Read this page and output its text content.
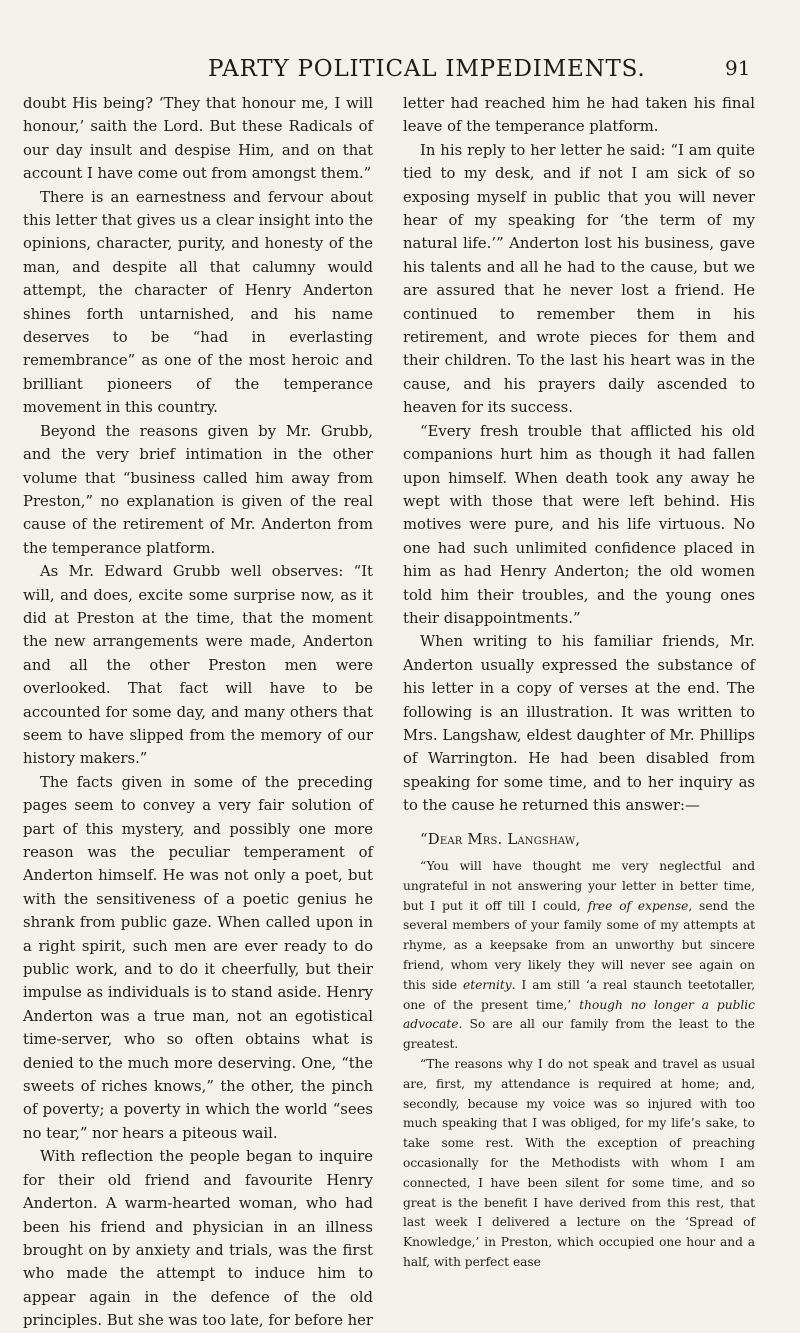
PARTY POLITICAL IMPEDIMENTS.	91

doubt His being? ‘They that honour me, I will honour,’ saith the Lord. But these Radicals of our day insult and despise Him, and on that account I have come out from amongst them.”

There is an earnestness and fervour about this letter that gives us a clear insight into the opinions, character, purity, and honesty of the man, and despite all that calumny would attempt, the character of Henry Anderton shines forth untarnished, and his name deserves to be “had in everlasting remembrance” as one of the most heroic and brilliant pioneers of the temperance movement in this country.

Beyond the reasons given by Mr. Grubb, and the very brief intimation in the other volume that “business called him away from Preston,” no explanation is given of the real cause of the retirement of Mr. Anderton from the temperance platform.

As Mr. Edward Grubb well observes: “It will, and does, excite some surprise now, as it did at Preston at the time, that the moment the new arrangements were made, Anderton and all the other Preston men were overlooked. That fact will have to be accounted for some day, and many others that seem to have slipped from the memory of our history makers.”

The facts given in some of the preceding pages seem to convey a very fair solution of part of this mystery, and possibly one more reason was the peculiar temperament of Anderton himself. He was not only a poet, but with the sensitiveness of a poetic genius he shrank from public gaze. When called upon in a right spirit, such men are ever ready to do public work, and to do it cheerfully, but their impulse as individuals is to stand aside. Henry Anderton was a true man, not an egotistical time-server, who so often obtains what is denied to the much more deserving. One, “the sweets of riches knows,” the other, the pinch of poverty; a poverty in which the world “sees no tear,” nor hears a piteous wail.

With reflection the people began to inquire for their old friend and favourite Henry Anderton. A warm-hearted woman, who had been his friend and physician in an illness brought on by anxiety and trials, was the first who made the attempt to induce him to appear again in the defence of the old principles. But she was too late, for before her

letter had reached him he had taken his final leave of the temperance platform.

In his reply to her letter he said: “I am quite tied to my desk, and if not I am sick of so exposing myself in public that you will never hear of my speaking for ‘the term of my natural life.’” Anderton lost his business, gave his talents and all he had to the cause, but we are assured that he never lost a friend. He continued to remember them in his retirement, and wrote pieces for them and their children. To the last his heart was in the cause, and his prayers daily ascended to heaven for its success.

“Every fresh trouble that afflicted his old companions hurt him as though it had fallen upon himself. When death took any away he wept with those that were left behind. His motives were pure, and his life virtuous. No one had such unlimited confidence placed in him as had Henry Anderton; the old women told him their troubles, and the young ones their disappointments.”

When writing to his familiar friends, Mr. Anderton usually expressed the substance of his letter in a copy of verses at the end. The following is an illustration. It was written to Mrs. Langshaw, eldest daughter of Mr. Phillips of Warrington. He had been disabled from speaking for some time, and to her inquiry as to the cause he returned this answer:—

“Dear Mrs. Langshaw,

“You will have thought me very neglectful and ungrateful in not answering your letter in better time, but I put it off till I could, free of expense, send the several members of your family some of my attempts at rhyme, as a keepsake from an unworthy but sincere friend, whom very likely they will never see again on this side eternity. I am still ‘a real staunch teetotaller, one of the present time,’ though no longer a public advocate. So are all our family from the least to the greatest.

“The reasons why I do not speak and travel as usual are, first, my attendance is required at home; and, secondly, because my voice was so injured with too much speaking that I was obliged, for my life’s sake, to take some rest. With the exception of preaching occasionally for the Methodists with whom I am connected, I have been silent for some time, and so great is the benefit I have derived from this rest, that last week I delivered a lecture on the ‘Spread of Knowledge,’ in Preston, which occupied one hour and a half, with perfect ease
